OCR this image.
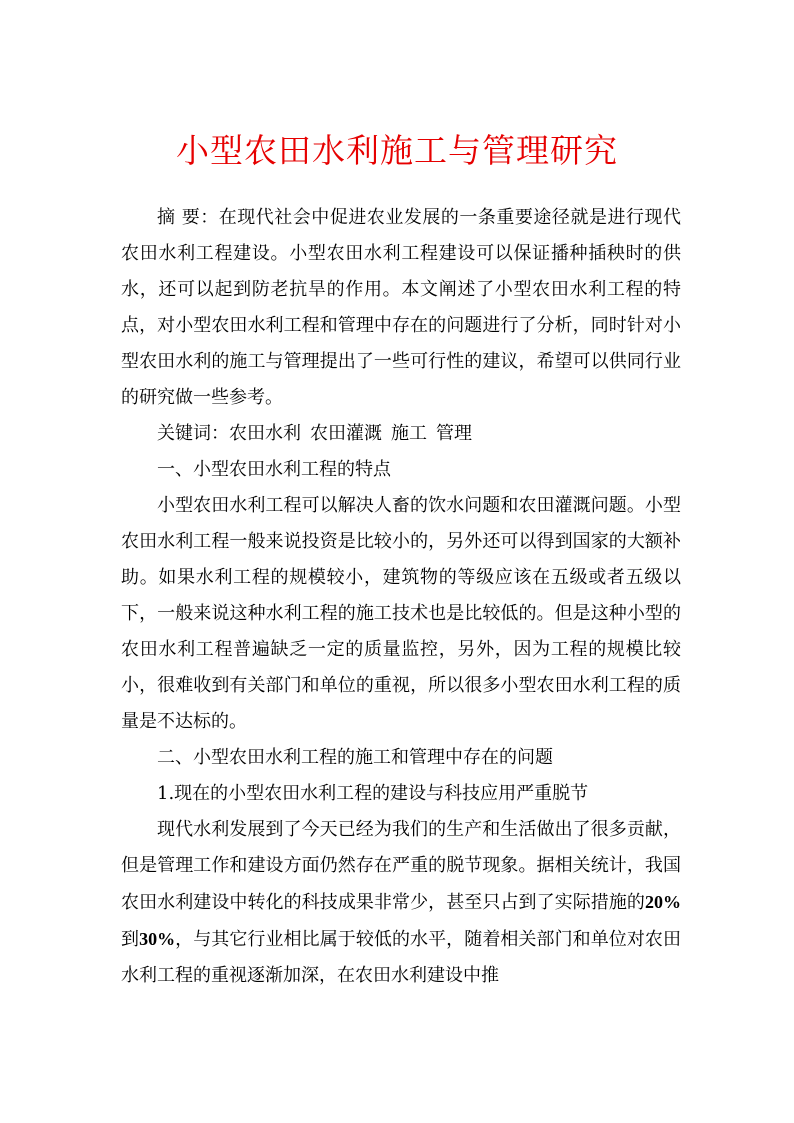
小型农田水利施工与管理研究

摘 要：在现代社会中促进农业发展的一条重要途径就是进行现代农田水利工程建设。小型农田水利工程建设可以保证播种插秧时的供水，还可以起到防老抗旱的作用。本文阐述了小型农田水利工程的特点，对小型农田水利工程和管理中存在的问题进行了分析，同时针对小型农田水利的施工与管理提出了一些可行性的建议，希望可以供同行业的研究做一些参考。

关键词：农田水利 农田灌溉 施工 管理

一、小型农田水利工程的特点

小型农田水利工程可以解决人畜的饮水问题和农田灌溉问题。小型农田水利工程一般来说投资是比较小的，另外还可以得到国家的大额补助。如果水利工程的规模较小，建筑物的等级应该在五级或者五级以下，一般来说这种水利工程的施工技术也是比较低的。但是这种小型的农田水利工程普遍缺乏一定的质量监控，另外，因为工程的规模比较小，很难收到有关部门和单位的重视，所以很多小型农田水利工程的质量是不达标的。

二、小型农田水利工程的施工和管理中存在的问题

1.现在的小型农田水利工程的建设与科技应用严重脱节

现代水利发展到了今天已经为我们的生产和生活做出了很多贡献，但是管理工作和建设方面仍然存在严重的脱节现象。据相关统计，我国农田水利建设中转化的科技成果非常少，甚至只占到了实际措施的20%到30%，与其它行业相比属于较低的水平，随着相关部门和单位对农田水利工程的重视逐渐加深，在农田水利建设中推
